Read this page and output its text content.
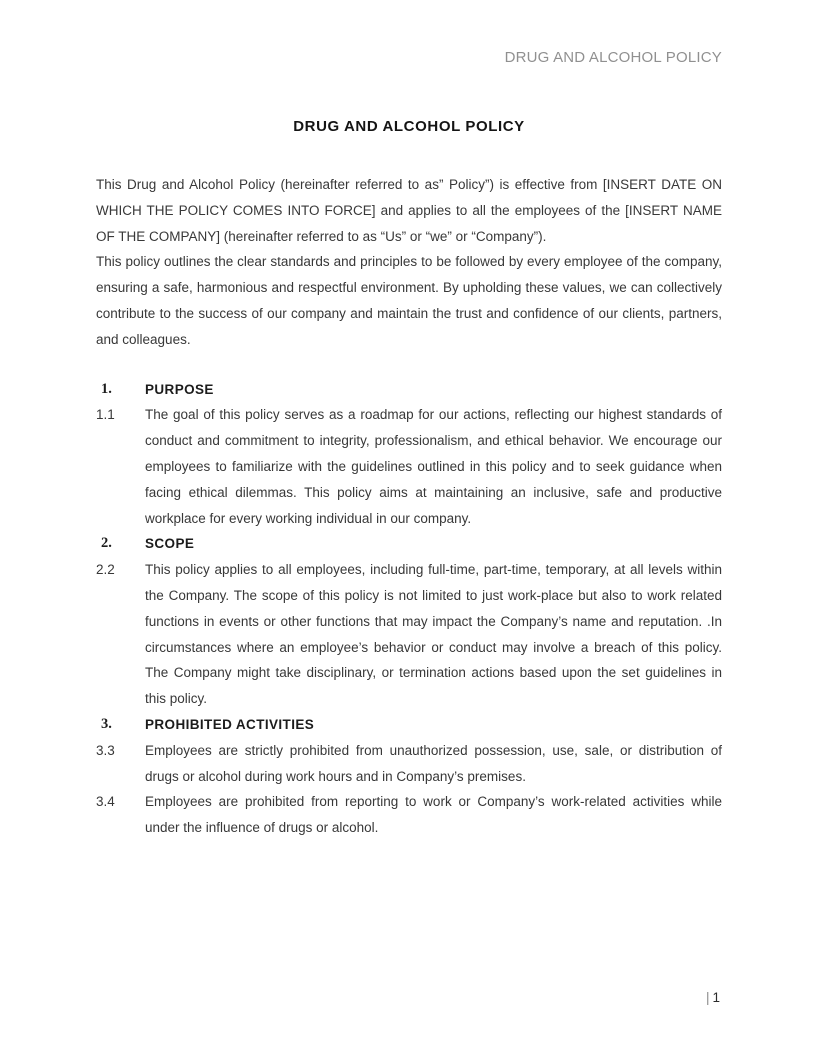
DRUG AND ALCOHOL POLICY
DRUG AND ALCOHOL POLICY

This Drug and Alcohol Policy (hereinafter referred to as” Policy”) is effective from [INSERT DATE ON WHICH THE POLICY COMES INTO FORCE] and applies to all the employees of the [INSERT NAME OF THE COMPANY] (hereinafter referred to as “Us” or “we” or “Company”).

This policy outlines the clear standards and principles to be followed by every employee of the company, ensuring a safe, harmonious and respectful environment. By upholding these values, we can collectively contribute to the success of our company and maintain the trust and confidence of our clients, partners, and colleagues.

1.	PURPOSE
1.1	The goal of this policy serves as a roadmap for our actions, reflecting our highest standards of conduct and commitment to integrity, professionalism, and ethical behavior. We encourage our employees to familiarize with the guidelines outlined in this policy and to seek guidance when facing ethical dilemmas. This policy aims at maintaining an inclusive, safe and productive workplace for every working individual in our company.

2.	SCOPE
2.2	This policy applies to all employees, including full-time, part-time, temporary, at all levels within the Company. The scope of this policy is not limited to just work-place but also to work related functions in events or other functions that may impact the Company’s name and reputation. .In circumstances where an employee’s behavior or conduct may involve a breach of this policy. The Company might take disciplinary, or termination actions based upon the set guidelines in this policy.

3.	PROHIBITED ACTIVITIES
3.3	Employees are strictly prohibited from unauthorized possession, use, sale, or distribution of drugs or alcohol during work hours and in Company’s premises.

3.4	Employees are prohibited from reporting to work or Company’s work-related activities while under the influence of drugs or alcohol.

| 1
